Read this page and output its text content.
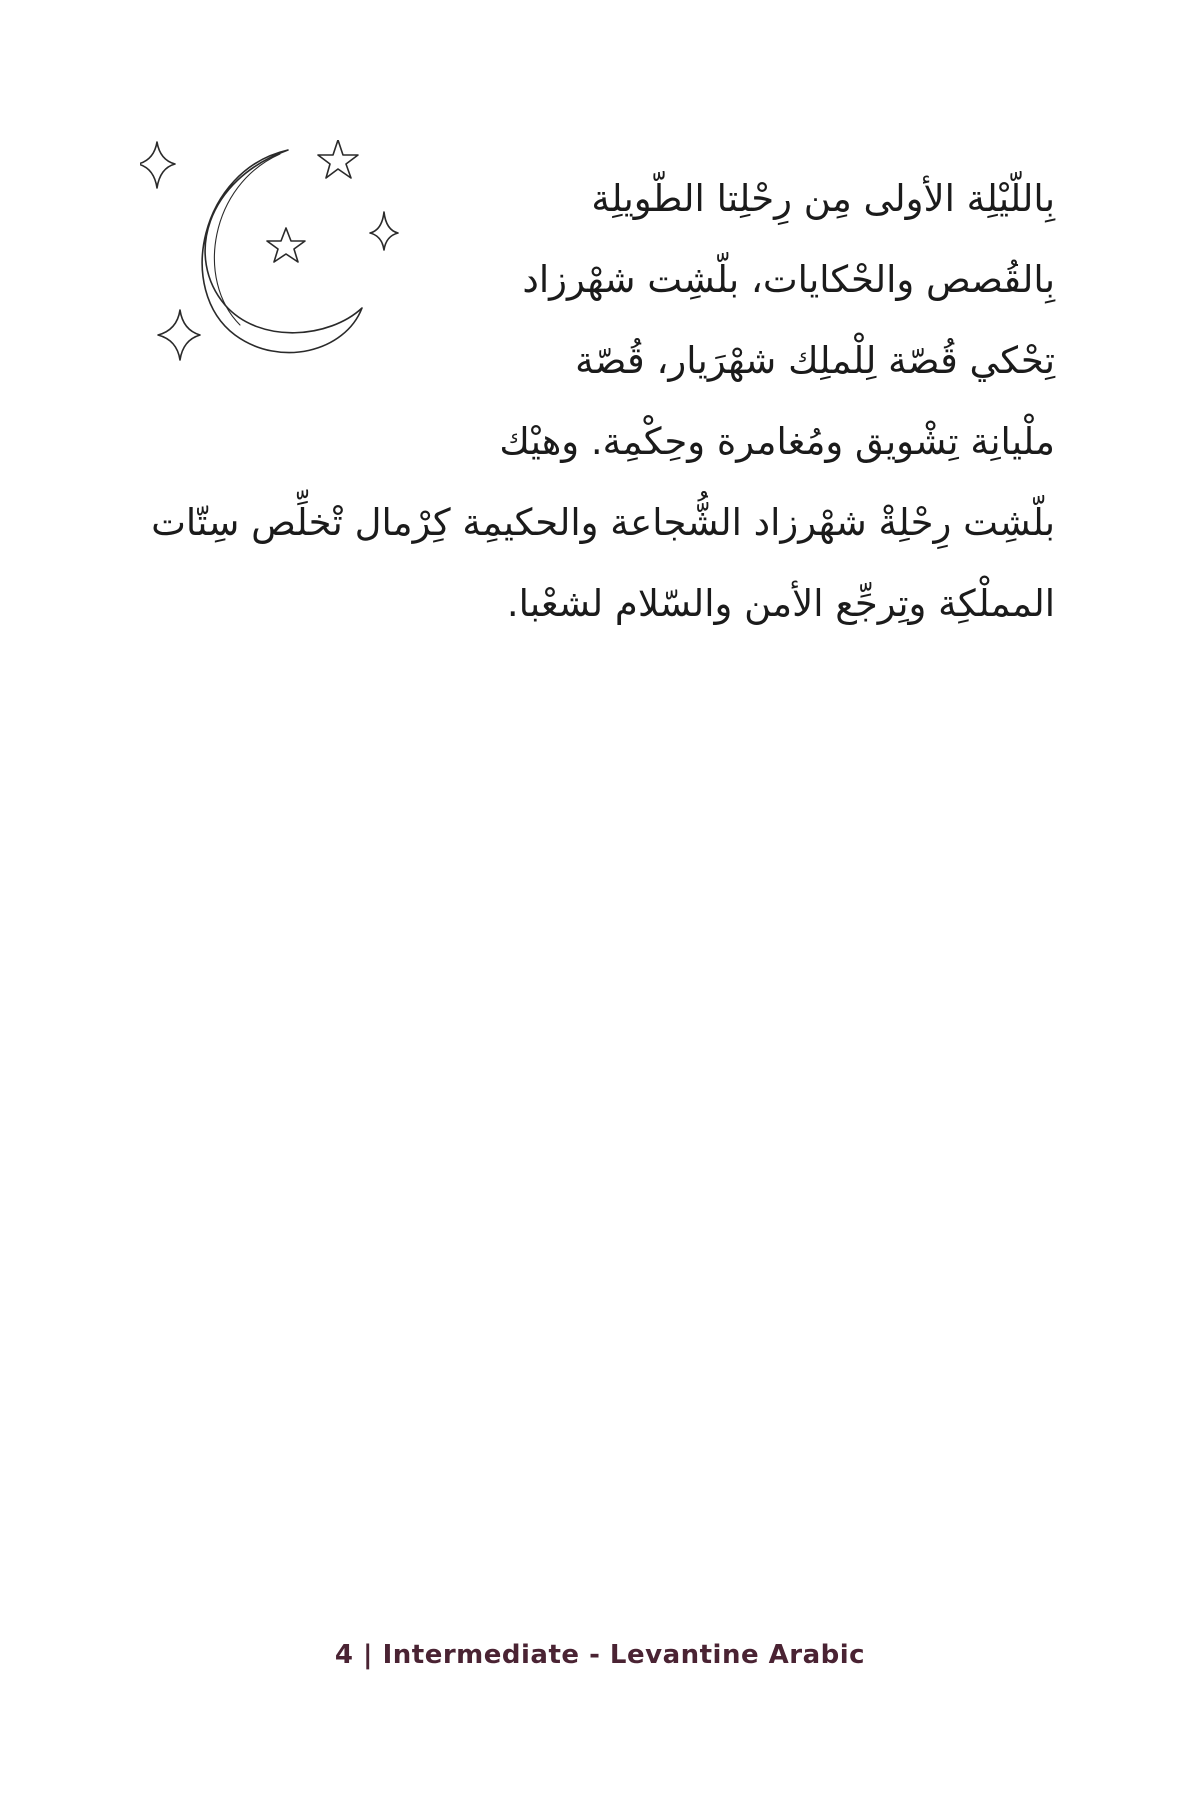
بِاللّيْلِة الأولى مِن رِحْلِتا الطّويلِة
بِالقُصص والحْكايات، بلّشِت شهْرزاد
تِحْكي قُصّة لِلْملِك شهْرَيار، قُصّة
ملْيانِة تِشْويق ومُغامرة وحِكْمِة. وهيْك
بلّشِت رِحْلِةْ شهْرزاد الشُّجاعة والحكيمِة كِرْمال تْخلِّص سِتّات
المملْكِة وتِرجِّع الأمن والسّلام لشعْبا.
4 | Intermediate - Levantine Arabic
